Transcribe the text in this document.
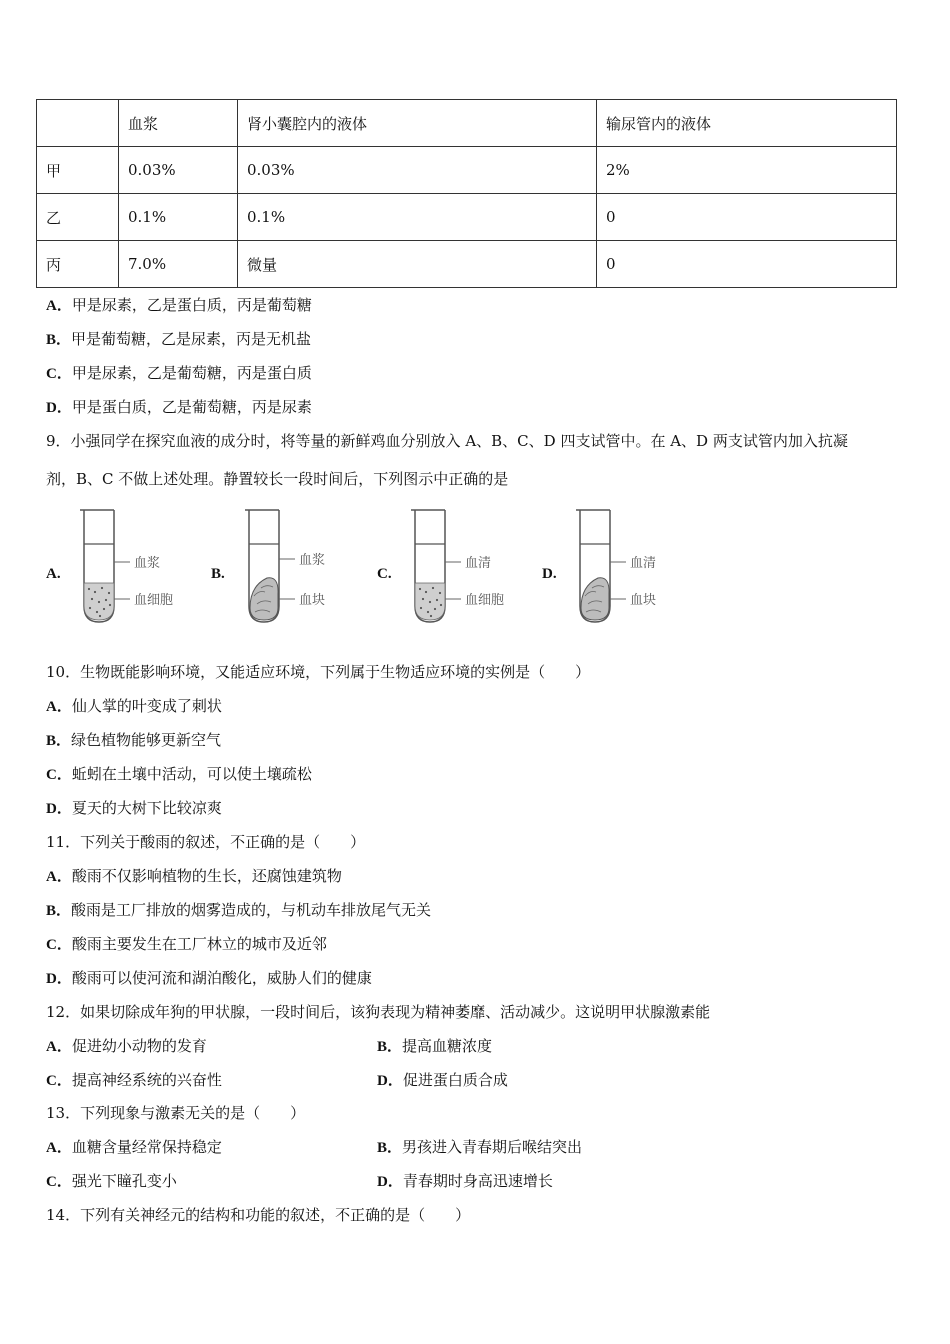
	血浆	肾小囊腔内的液体	输尿管内的液体
甲	0.03%	0.03%	2%
乙	0.1%	0.1%	0
丙	7.0%	微量	0
A．甲是尿素，乙是蛋白质，丙是葡萄糖
B．甲是葡萄糖，乙是尿素，丙是无机盐
C．甲是尿素，乙是葡萄糖，丙是蛋白质
D．甲是蛋白质，乙是葡萄糖，丙是尿素
9．小强同学在探究血液的成分时，将等量的新鲜鸡血分别放入 A、B、C、D 四支试管中。在 A、D 两支试管内加入抗凝
剂，B、C 不做上述处理。静置较长一段时间后，下列图示中正确的是
A.
血浆
血细胞
B.
血浆
血块
C.
血清
血细胞
D.
血清
血块
10．生物既能影响环境，又能适应环境，下列属于生物适应环境的实例是（　　）
A．仙人掌的叶变成了刺状
B．绿色植物能够更新空气
C．蚯蚓在土壤中活动，可以使土壤疏松
D．夏天的大树下比较凉爽
11．下列关于酸雨的叙述，不正确的是（　　）
A．酸雨不仅影响植物的生长，还腐蚀建筑物
B．酸雨是工厂排放的烟雾造成的，与机动车排放尾气无关
C．酸雨主要发生在工厂林立的城市及近邻
D．酸雨可以使河流和湖泊酸化，威胁人们的健康
12．如果切除成年狗的甲状腺，一段时间后，该狗表现为精神萎靡、活动减少。这说明甲状腺激素能
A．促进幼小动物的发育	B．提高血糖浓度
C．提高神经系统的兴奋性	D．促进蛋白质合成
13．下列现象与激素无关的是（　　）
A．血糖含量经常保持稳定	B．男孩进入青春期后喉结突出
C．强光下瞳孔变小	D．青春期时身高迅速增长
14．下列有关神经元的结构和功能的叙述，不正确的是（　　）
